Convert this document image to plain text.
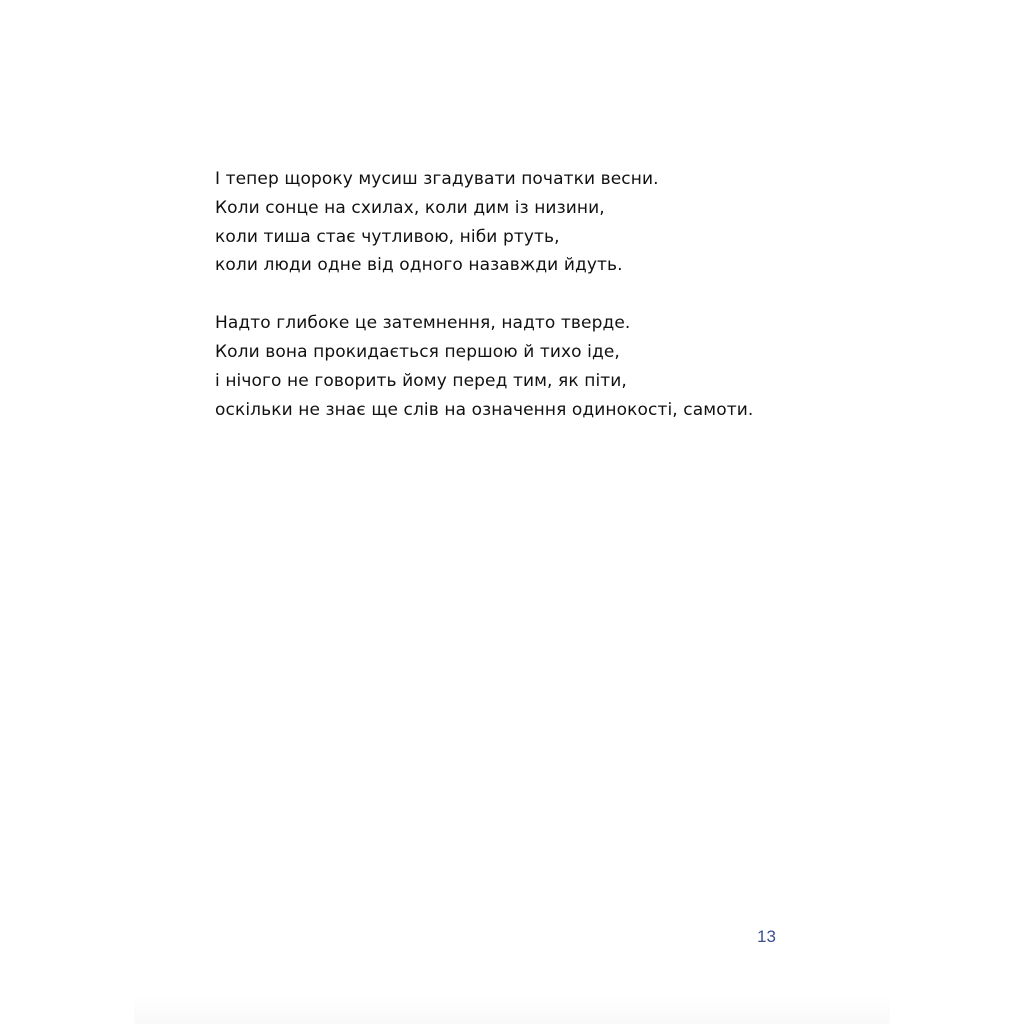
І тепер щороку мусиш згадувати початки весни.
Коли сонце на схилах, коли дим із низини,
коли тиша стає чутливою, ніби ртуть,
коли люди одне від одного назавжди йдуть.
Надто глибоке це затемнення, надто тверде.
Коли вона прокидається першою й тихо іде,
і нічого не говорить йому перед тим, як піти,
оскільки не знає ще слів на означення одинокості, самоти.
13
